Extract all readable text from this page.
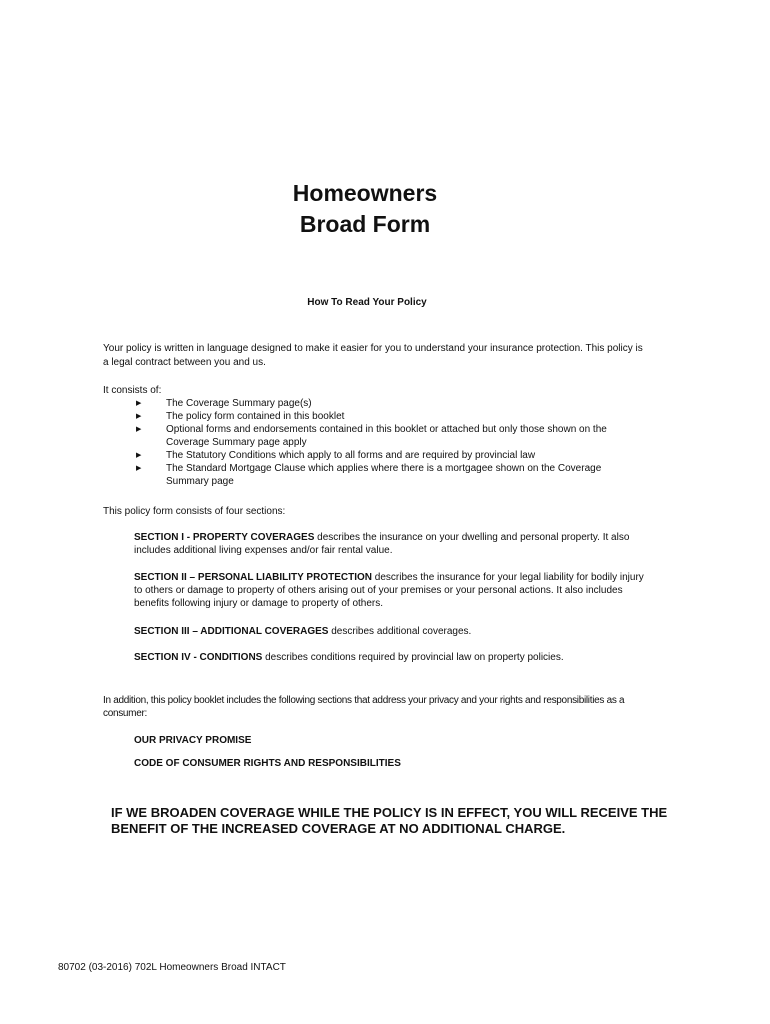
Homeowners
Broad Form
How To Read Your Policy
Your policy is written in language designed to make it easier for you to understand your insurance protection. This policy is a legal contract between you and us.
It consists of:
▶ The Coverage Summary page(s)
▶ The policy form contained in this booklet
▶ Optional forms and endorsements contained in this booklet or attached but only those shown on the Coverage Summary page apply
▶ The Statutory Conditions which apply to all forms and are required by provincial law
▶ The Standard Mortgage Clause which applies where there is a mortgagee shown on the Coverage Summary page
This policy form consists of four sections:
SECTION I - PROPERTY COVERAGES describes the insurance on your dwelling and personal property. It also includes additional living expenses and/or fair rental value.
SECTION II – PERSONAL LIABILITY PROTECTION describes the insurance for your legal liability for bodily injury to others or damage to property of others arising out of your premises or your personal actions. It also includes benefits following injury or damage to property of others.
SECTION III – ADDITIONAL COVERAGES describes additional coverages.
SECTION IV - CONDITIONS describes conditions required by provincial law on property policies.
In addition, this policy booklet includes the following sections that address your privacy and your rights and responsibilities as a consumer:
OUR PRIVACY PROMISE
CODE OF CONSUMER RIGHTS AND RESPONSIBILITIES
IF WE BROADEN COVERAGE WHILE THE POLICY IS IN EFFECT, YOU WILL RECEIVE THE BENEFIT OF THE INCREASED COVERAGE AT NO ADDITIONAL CHARGE.
80702 (03-2016) 702L Homeowners Broad INTACT
